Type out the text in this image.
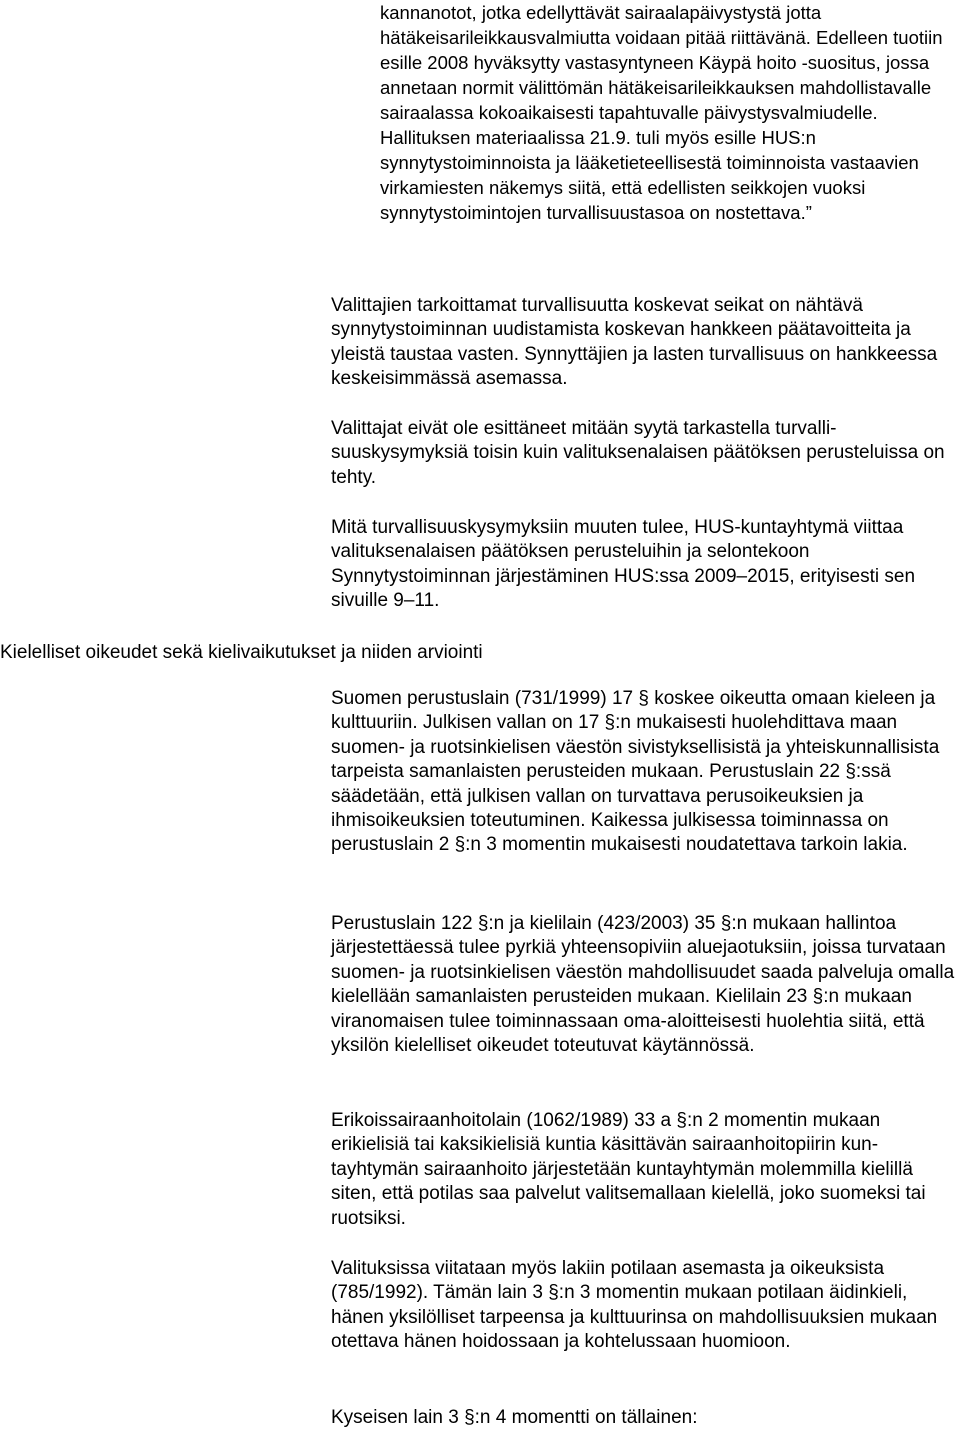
kannanotot, jotka edellyttävät sairaalapäivystystä jotta hätäkeisarileikkausvalmiutta voidaan pitää riittävänä. Edelleen tuotiin esille 2008 hyväksytty vastasyntyneen Käypä hoito -suositus, jossa annetaan normit välittömän hätäkeisarileikkauksen mahdollistavalle sairaalassa kokoaikaisesti tapahtuvalle päivystysvalmiudelle. Hallituksen materiaalissa 21.9. tuli myös esille HUS:n synnytystoiminnoista ja lääketieteellisestä toiminnoista vastaavien virkamiesten näkemys siitä, että edellisten seikkojen vuoksi synnytystoimintojen turvallisuustasoa on nostettava.”

Kielelliset oikeudet sekä kielivaikutukset ja niiden arviointi

Valittajien tarkoittamat turvallisuutta koskevat seikat on nähtävä synnytystoiminnan uudistamista koskevan hankkeen päätavoitteita ja yleistä taustaa vasten. Synnyttäjien ja lasten turvallisuus on hankkeessa keskeisimmässä asemassa.

Valittajat eivät ole esittäneet mitään syytä tarkastella turvallisuuskysymyksiä toisin kuin valituksenalaisen päätöksen perusteluissa on tehty.

Mitä turvallisuuskysymyksiin muuten tulee, HUS-kuntayhtymä viittaa valituksenalaisen päätöksen perusteluihin ja selontekoon Synnytystoiminnan järjestäminen HUS:ssa 2009–2015, erityisesti sen sivuille 9–11.

Suomen perustuslain (731/1999) 17 § koskee oikeutta omaan kieleen ja kulttuuriin. Julkisen vallan on 17 §:n mukaisesti huolehdittava maan suomen- ja ruotsinkielisen väestön sivistyksellisistä ja yhteiskunnallisista tarpeista samanlaisten perusteiden mukaan. Perustuslain 22 §:ssä säädetään, että julkisen vallan on turvattava perusoikeuksien ja ihmisoikeuksien toteutuminen. Kaikessa julkisessa toiminnassa on perustuslain 2 §:n 3 momentin mukaisesti noudatettava tarkoin lakia.

Perustuslain 122 §:n ja kielilain (423/2003) 35 §:n mukaan hallintoa järjestettäessä tulee pyrkiä yhteensopiviin aluejaotuksiin, joissa turvataan suomen- ja ruotsinkielisen väestön mahdollisuudet saada palveluja omalla kielellään samanlaisten perusteiden mukaan. Kielilain 23 §:n mukaan viranomaisen tulee toiminnassaan oma-aloitteisesti huolehtia siitä, että yksilön kielelliset oikeudet toteutuvat käytännössä.

Erikoissairaanhoitolain (1062/1989) 33 a §:n 2 momentin mukaan erikielisiä tai kaksikielisiä kuntia käsittävän sairaanhoitopiirin kuntayhtymän sairaanhoito järjestetään kuntayhtymän molemmilla kielillä siten, että potilas saa palvelut valitsemallaan kielellä, joko suomeksi tai ruotsiksi.

Valituksissa viitataan myös lakiin potilaan asemasta ja oikeuksista (785/1992). Tämän lain 3 §:n 3 momentin mukaan potilaan äidinkieli, hänen yksilölliset tarpeensa ja kulttuurinsa on mahdollisuuksien mukaan otettava hänen hoidossaan ja kohtelussaan huomioon.

Kyseisen lain 3 §:n 4 momentti on tällainen:
